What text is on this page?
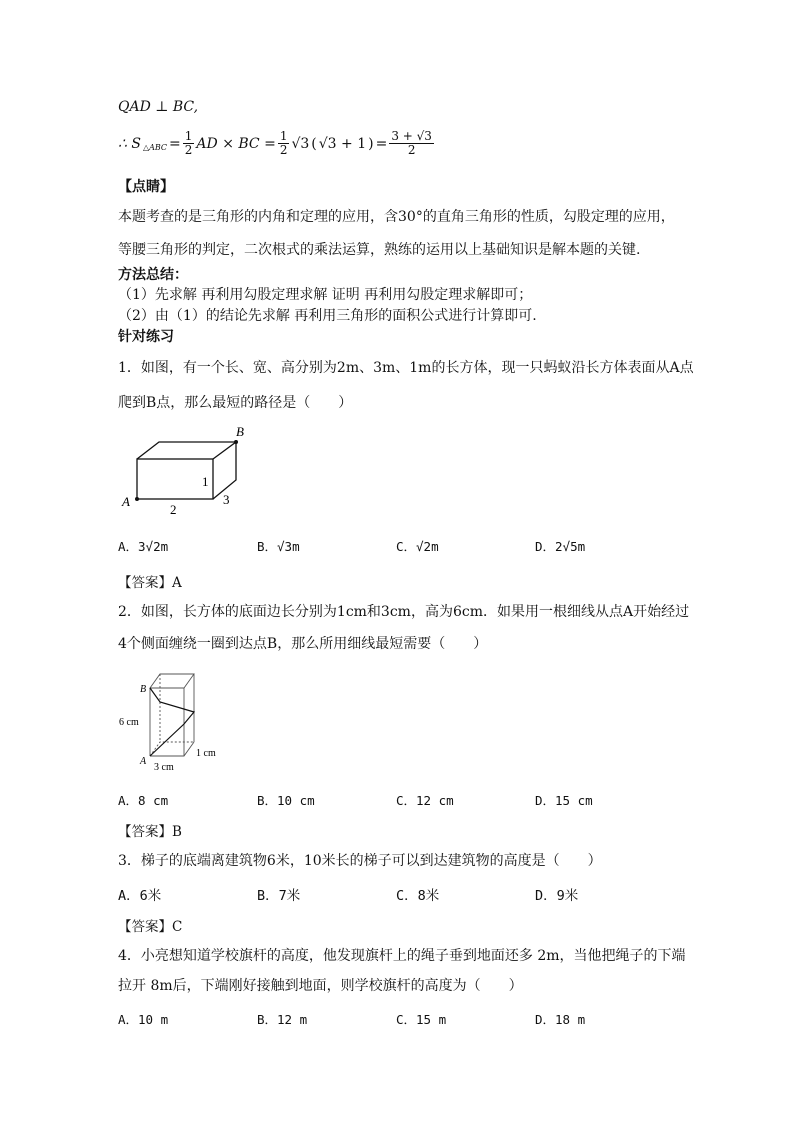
QAD ⊥ BC,
∴ S △ABC = $\frac{1}{2}$ AD × BC = $\frac{1}{2} √3$ ( √3 + 1 ) = $\frac{3 + √3}{2}$
【点睛】
本题考查的是三角形的内角和定理的应用，含30°的直角三角形的性质，勾股定理的应用，
等腰三角形的判定，二次根式的乘法运算，熟练的运用以上基础知识是解本题的关键.
方法总结：
（1）先求解 再利用勾股定理求解 证明 再利用勾股定理求解即可；
（2）由（1）的结论先求解 再利用三角形的面积公式进行计算即可.
针对练习
1．如图，有一个长、宽、高分别为2m、3m、1m的长方体，现一只蚂蚁沿长方体表面从A点
爬到B点，那么最短的路径是（　　）
A
B
2
3
1
A．3√2m	B．√3m	C．√2m	D．2√5m
【答案】A
2．如图，长方体的底面边长分别为1cm和3cm，高为6cm．如果用一根细线从点A开始经过
4个侧面缠绕一圈到达点B，那么所用细线最短需要（　　）
B
A
6 cm
3 cm
1 cm
A．8 cm	B．10 cm	C．12 cm	D．15 cm
【答案】B
3．梯子的底端离建筑物6米，10米长的梯子可以到达建筑物的高度是（　　）
A．6米	B．7米	C．8米	D．9米
【答案】C
4．小亮想知道学校旗杆的高度，他发现旗杆上的绳子垂到地面还多 2m，当他把绳子的下端
拉开 8m后，下端刚好接触到地面，则学校旗杆的高度为（　　）
A．10 m	B．12 m	C．15 m	D．18 m
